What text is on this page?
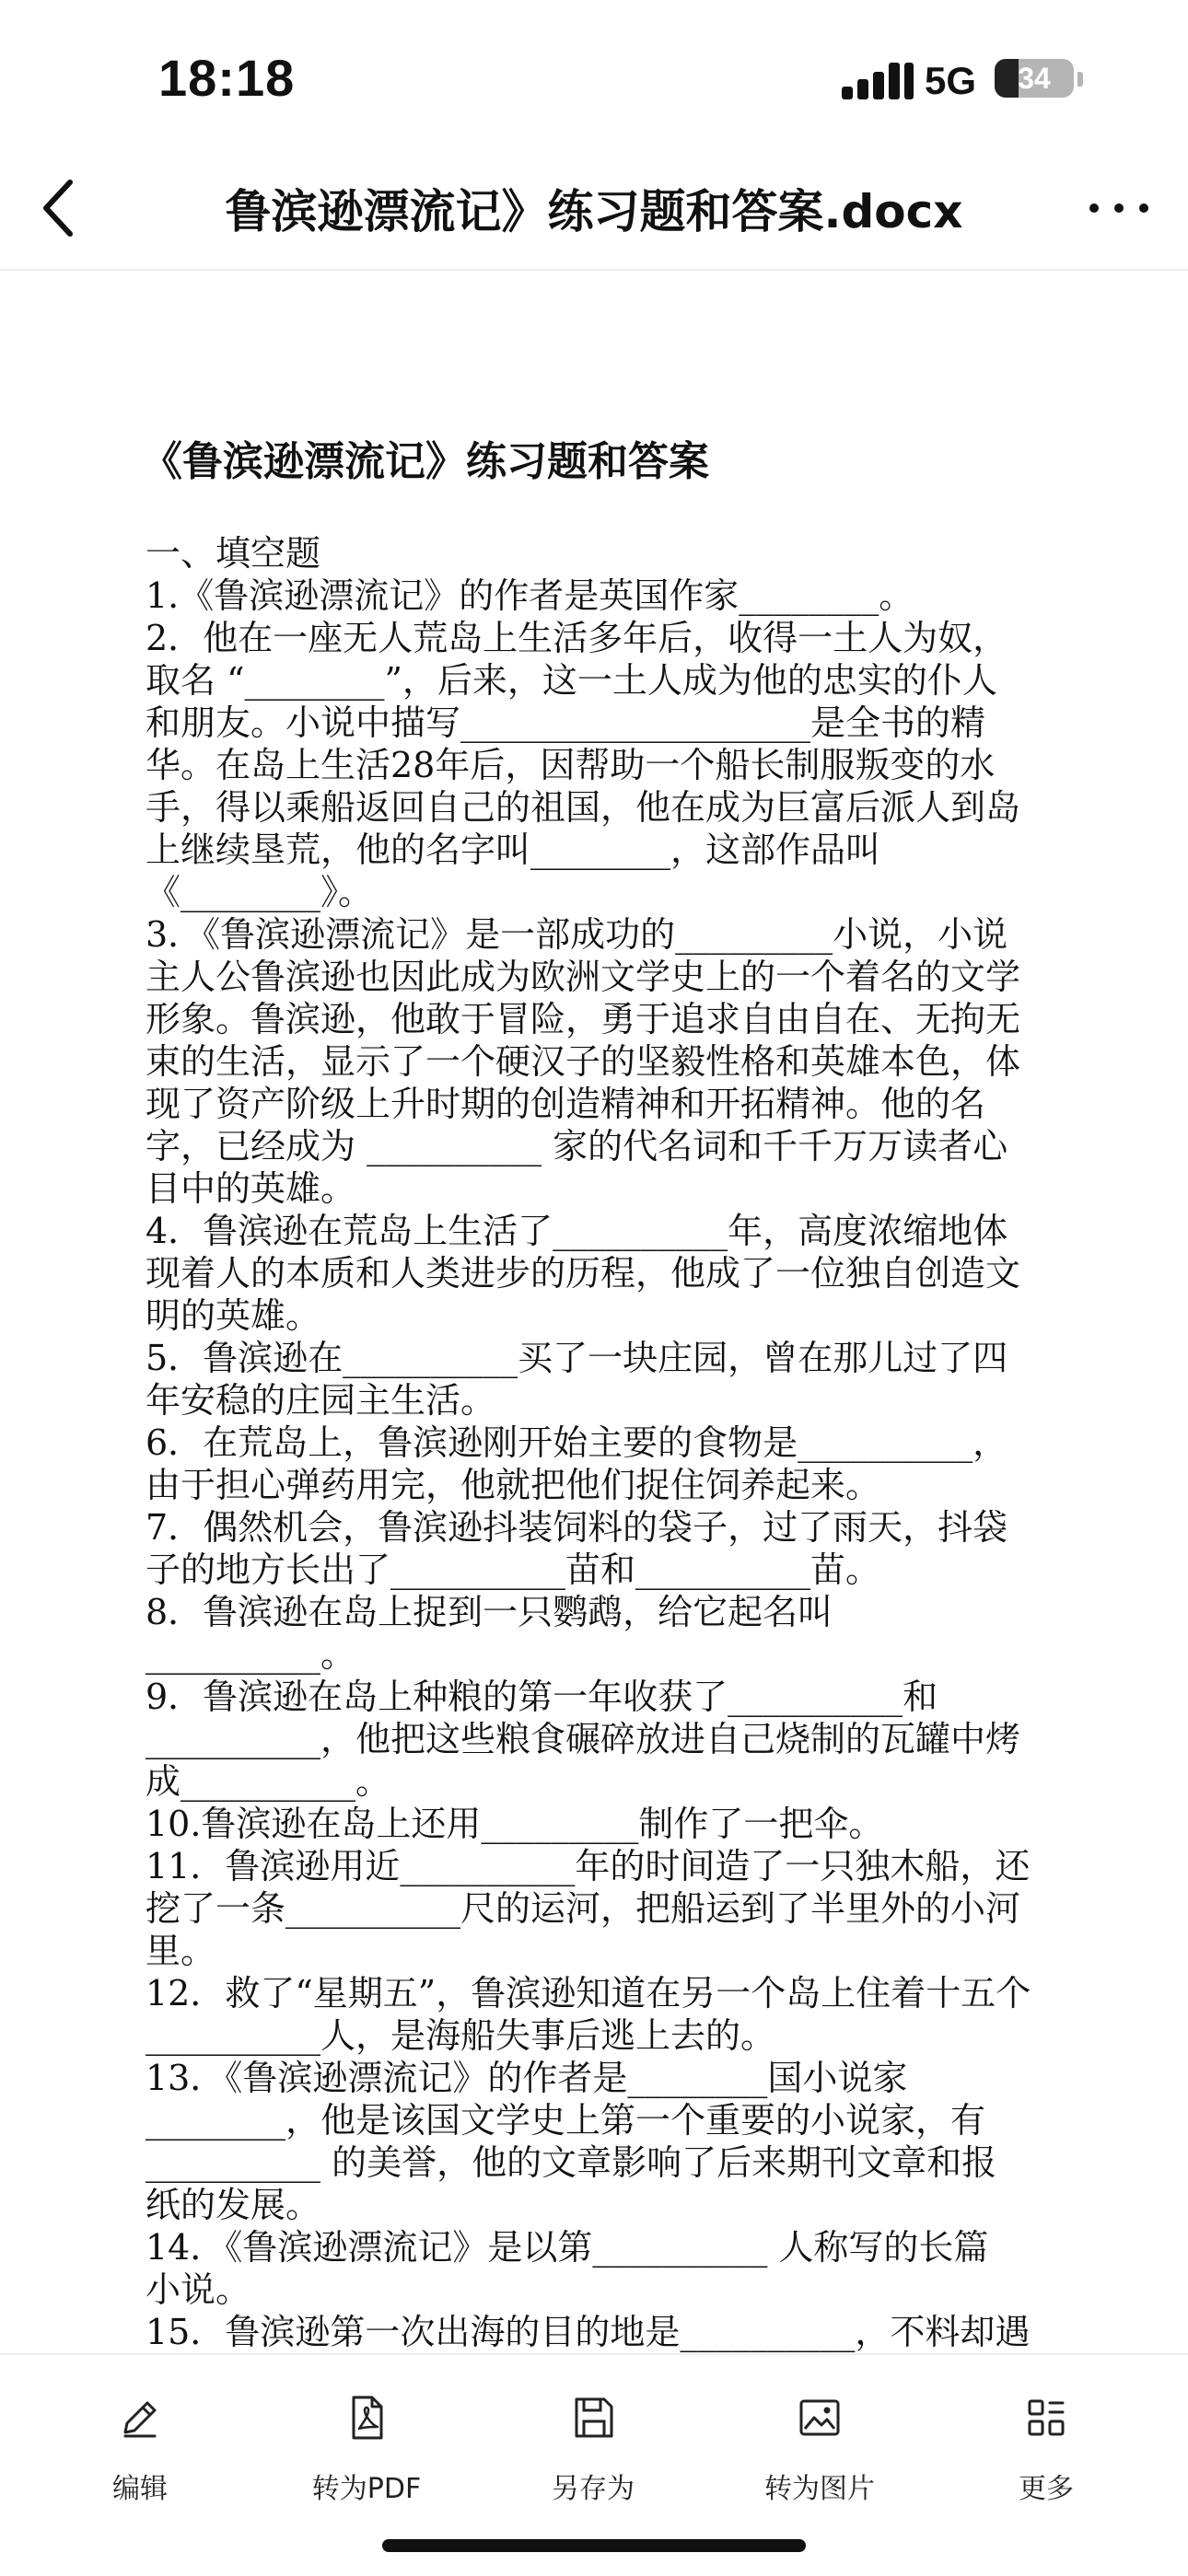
18:18	5G	34
鲁滨逊漂流记》练习题和答案.docx
《鲁滨逊漂流记》练习题和答案
一、填空题

1.《鲁滨逊漂流记》的作者是英国作家________。

2．他在一座无人荒岛上生活多年后，收得一土人为奴，

取名 “________”，后来，这一土人成为他的忠实的仆人

和朋友。小说中描写____________________是全书的精

华。在岛上生活28年后，因帮助一个船长制服叛变的水

手，得以乘船返回自己的祖国，他在成为巨富后派人到岛

上继续垦荒，他的名字叫________，这部作品叫

《________》。

3．《鲁滨逊漂流记》是一部成功的_________小说，小说

主人公鲁滨逊也因此成为欧洲文学史上的一个着名的文学

形象。鲁滨逊，他敢于冒险，勇于追求自由自在、无拘无

束的生活，显示了一个硬汉子的坚毅性格和英雄本色，体

现了资产阶级上升时期的创造精神和开拓精神。他的名

字，已经成为 __________ 家的代名词和千千万万读者心

目中的英雄。

4．鲁滨逊在荒岛上生活了__________年，高度浓缩地体

现着人的本质和人类进步的历程，他成了一位独自创造文

明的英雄。

5．鲁滨逊在__________买了一块庄园，曾在那儿过了四

年安稳的庄园主生活。

6．在荒岛上，鲁滨逊刚开始主要的食物是__________，

由于担心弹药用完，他就把他们捉住饲养起来。

7．偶然机会，鲁滨逊抖装饲料的袋子，过了雨天，抖袋

子的地方长出了__________苗和__________苗。

8．鲁滨逊在岛上捉到一只鹦鹉，给它起名叫

__________。

9．鲁滨逊在岛上种粮的第一年收获了__________和

__________，他把这些粮食碾碎放进自己烧制的瓦罐中烤

成__________。

10.鲁滨逊在岛上还用_________制作了一把伞。

11．鲁滨逊用近__________年的时间造了一只独木船，还

挖了一条__________尺的运河，把船运到了半里外的小河

里。

12．救了“星期五”，鲁滨逊知道在另一个岛上住着十五个

__________人，是海船失事后逃上去的。

13．《鲁滨逊漂流记》的作者是________国小说家

________，他是该国文学史上第一个重要的小说家，有

__________ 的美誉，他的文章影响了后来期刊文章和报

纸的发展。

14．《鲁滨逊漂流记》是以第__________ 人称写的长篇

小说。

15．鲁滨逊第一次出海的目的地是__________，不料却遇

编辑	转为PDF	另存为	转为图片	更多
